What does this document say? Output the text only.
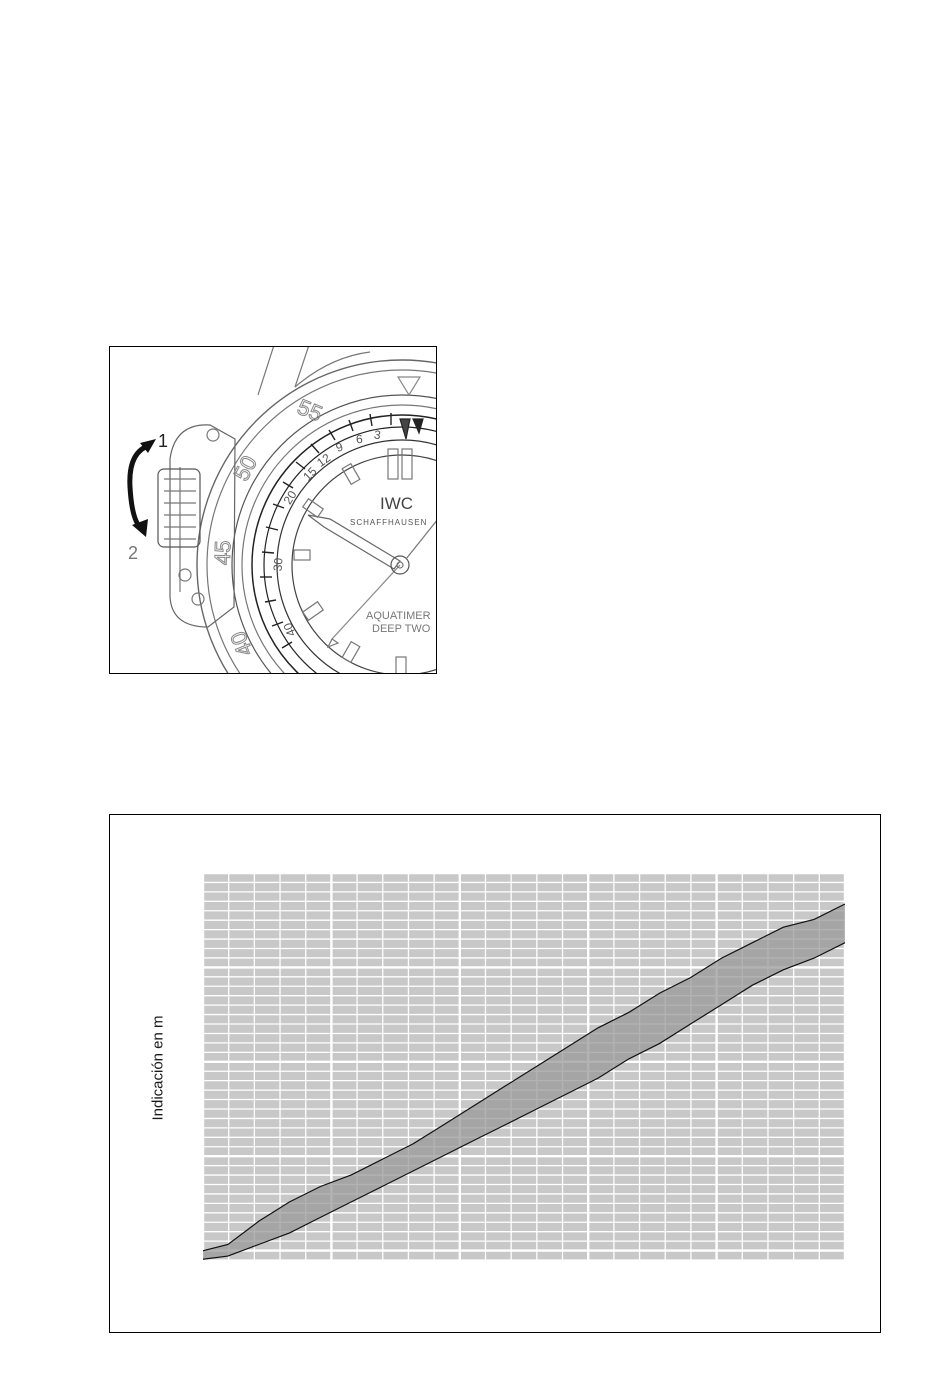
1
2
IWC
SCHAFFHAUSEN
AQUATIMER
DEEP TWO
55
50
45
40
3
6
9
12
15
20
30
40
Indicación en m
